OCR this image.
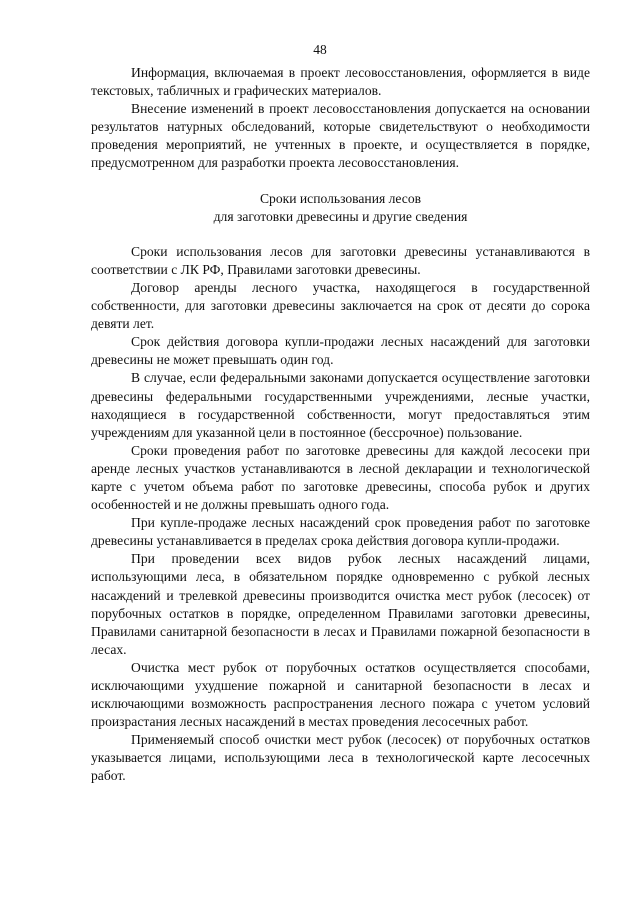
48

Информация, включаемая в проект лесовосстановления, оформляется в виде текстовых, табличных и графических материалов.

Внесение изменений в проект лесовосстановления допускается на основании результатов натурных обследований, которые свидетельствуют о необходимости проведения мероприятий, не учтенных в проекте, и осуществляется в порядке, предусмотренном для разработки проекта лесовосстановления.

Сроки использования лесов
для заготовки древесины и другие сведения

Сроки использования лесов для заготовки древесины устанавливаются в соответствии с ЛК РФ, Правилами заготовки древесины.

Договор аренды лесного участка, находящегося в государственной собственности, для заготовки древесины заключается на срок от десяти до сорока девяти лет.

Срок действия договора купли-продажи лесных насаждений для заготовки древесины не может превышать один год.

В случае, если федеральными законами допускается осуществление заготовки древесины федеральными государственными учреждениями, лесные участки, находящиеся в государственной собственности, могут предоставляться этим учреждениям для указанной цели в постоянное (бессрочное) пользование.

Сроки проведения работ по заготовке древесины для каждой лесосеки при аренде лесных участков устанавливаются в лесной декларации и технологической карте с учетом объема работ по заготовке древесины, способа рубок и других особенностей и не должны превышать одного года.

При купле-продаже лесных насаждений срок проведения работ по заготовке древесины устанавливается в пределах срока действия договора купли-продажи.

При проведении всех видов рубок лесных насаждений лицами, использующими леса, в обязательном порядке одновременно с рубкой лесных насаждений и трелевкой древесины производится очистка мест рубок (лесосек) от порубочных остатков в порядке, определенном Правилами заготовки древесины, Правилами санитарной безопасности в лесах и Правилами пожарной безопасности в лесах.

Очистка мест рубок от порубочных остатков осуществляется способами, исключающими ухудшение пожарной и санитарной безопасности в лесах и исключающими возможность распространения лесного пожара с учетом условий произрастания лесных насаждений в местах проведения лесосечных работ.

Применяемый способ очистки мест рубок (лесосек) от порубочных остатков указывается лицами, использующими леса в технологической карте лесосечных работ.
